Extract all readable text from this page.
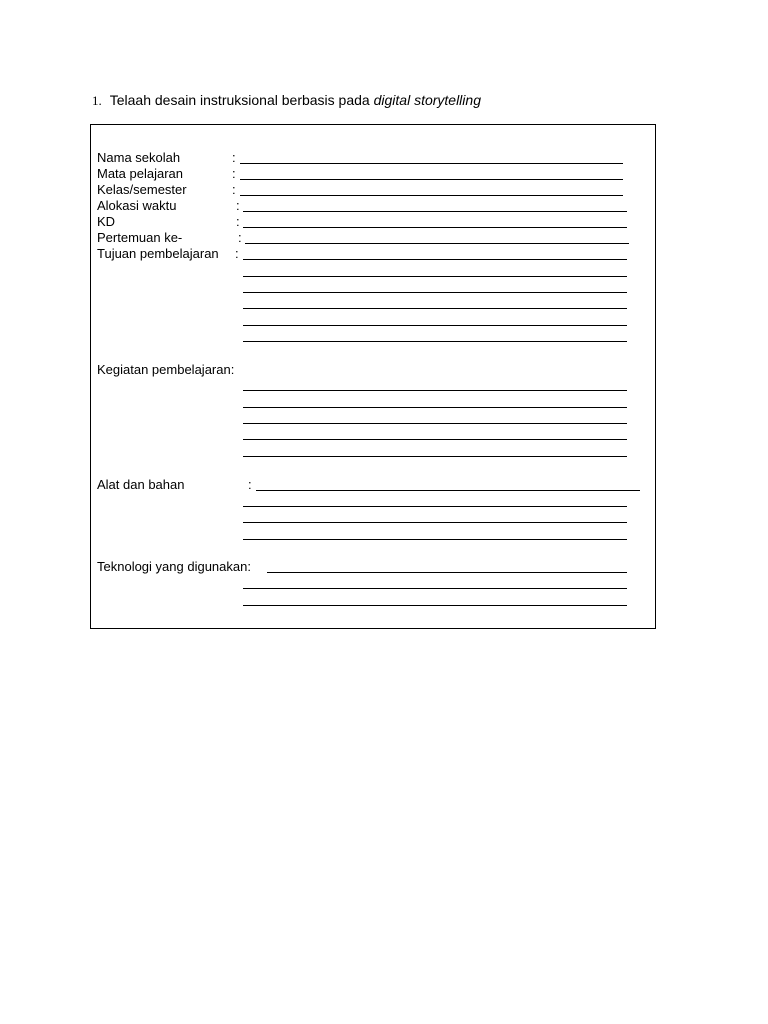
1. Telaah desain instruksional berbasis pada digital storytelling
Nama sekolah	:
Mata pelajaran	:
Kelas/semester	:
Alokasi waktu	:
KD	:
Pertemuan ke-	:
Tujuan pembelajaran :
Kegiatan pembelajaran:
Alat dan bahan	:
Teknologi yang digunakan:
